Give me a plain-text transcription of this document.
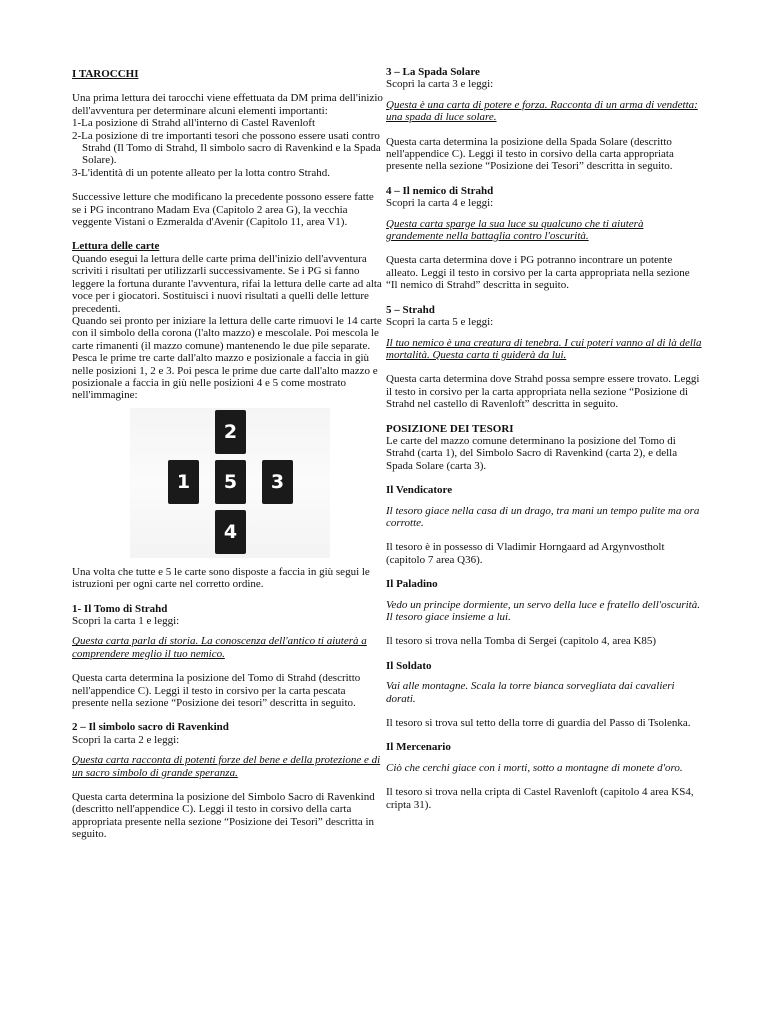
I TAROCCHI

Una prima lettura dei tarocchi viene effettuata da DM prima dell'inizio dell'avventura per determinare alcuni elementi importanti:

1-La posizione di Strahd all'interno di Castel Ravenloft

2-La posizione di tre importanti tesori che possono essere usati contro Strahd (Il Tomo di Strahd, Il simbolo sacro di Ravenkind e la Spada Solare).

3-L'identità di un potente alleato per la lotta contro Strahd.

Successive letture che modificano la precedente possono essere fatte se i PG incontrano Madam Eva (Capitolo 2 area G), la vecchia veggente Vistani o Ezmeralda d'Avenir (Capitolo 11, area V1).

Lettura delle carte

Quando esegui la lettura delle carte prima dell'inizio dell'avventura scriviti i risultati per utilizzarli successivamente. Se i PG si fanno leggere la fortuna durante l'avventura, rifai la lettura delle carte ad alta voce per i giocatori. Sostituisci i nuovi risultati a quelli delle letture precedenti.

Quando sei pronto per iniziare la lettura delle carte rimuovi le 14 carte con il simbolo della corona (l'alto mazzo) e mescolale. Poi mescola le carte rimanenti (il mazzo comune) mantenendo le due pile separate. Pesca le prime tre carte dall'alto mazzo e posizionale a faccia in giù nelle posizioni 1, 2 e 3. Poi pesca le prime due carte dall'alto mazzo e posizionale a faccia in giù nelle posizioni 4 e 5 come mostrato nell'immagine:

2
1	5	3
4

Una volta che tutte e 5 le carte sono disposte a faccia in giù segui le istruzioni per ogni carte nel corretto ordine.

1- Il Tomo di Strahd

Scopri la carta 1 e leggi:

Questa carta parla di storia. La conoscenza dell'antico ti aiuterà a comprendere meglio il tuo nemico.

Questa carta determina la posizione del Tomo di Strahd (descritto nell'appendice C). Leggi il testo in corsivo per la carta pescata presente nella sezione “Posizione dei tesori” descritta in seguito.

2 – Il simbolo sacro di Ravenkind

Scopri la carta 2 e leggi:

Questa carta racconta di potenti forze del bene e della protezione e di un sacro simbolo di grande speranza.

Questa carta determina la posizione del Simbolo Sacro di Ravenkind (descritto nell'appendice C). Leggi il testo in corsivo della carta appropriata presente nella sezione “Posizione dei Tesori” descritta in seguito.

3 – La Spada Solare

Scopri la carta 3 e leggi:

Questa è una carta di potere e forza. Racconta di un arma di vendetta: una spada di luce solare.

Questa carta determina la posizione della Spada Solare (descritto nell'appendice C). Leggi il testo in corsivo della carta appropriata presente nella sezione “Posizione dei Tesori” descritta in seguito.

4 – Il nemico di Strahd

Scopri la carta 4 e leggi:

Questa carta sparge la sua luce su qualcuno che ti aiuterà grandemente nella battaglia contro l'oscurità.

Questa carta determina dove i PG potranno incontrare un potente alleato. Leggi il testo in corsivo per la carta appropriata nella sezione “Il nemico di Strahd” descritta in seguito.

5 – Strahd

Scopri la carta 5 e leggi:

Il tuo nemico è una creatura di tenebra. I cui poteri vanno al di là della mortalità. Questa carta ti guiderà da lui.

Questa carta determina dove Strahd possa sempre essere trovato. Leggi il testo in corsivo per la carta appropriata nella sezione “Posizione di Strahd nel castello di Ravenloft” descritta in seguito.

POSIZIONE DEI TESORI

Le carte del mazzo comune determinano la posizione del Tomo di Strahd (carta 1), del Simbolo Sacro di Ravenkind (carta 2), e della Spada Solare (carta 3).

Il Vendicatore

Il tesoro giace nella casa di un drago, tra mani un tempo pulite ma ora corrotte.

Il tesoro è in possesso di Vladimir Horngaard ad Argynvostholt (capitolo 7 area Q36).

Il Paladino

Vedo un principe dormiente, un servo della luce e fratello dell'oscurità. Il tesoro giace insieme a lui.

Il tesoro si trova nella Tomba di Sergei (capitolo 4, area K85)

Il Soldato

Vai alle montagne. Scala la torre bianca sorvegliata dai cavalieri dorati.

Il tesoro si trova sul tetto della torre di guardia del Passo di Tsolenka.

Il Mercenario

Ciò che cerchi giace con i morti, sotto a montagne di monete d'oro.

Il tesoro si trova nella cripta di Castel Ravenloft (capitolo 4 area KS4, cripta 31).
